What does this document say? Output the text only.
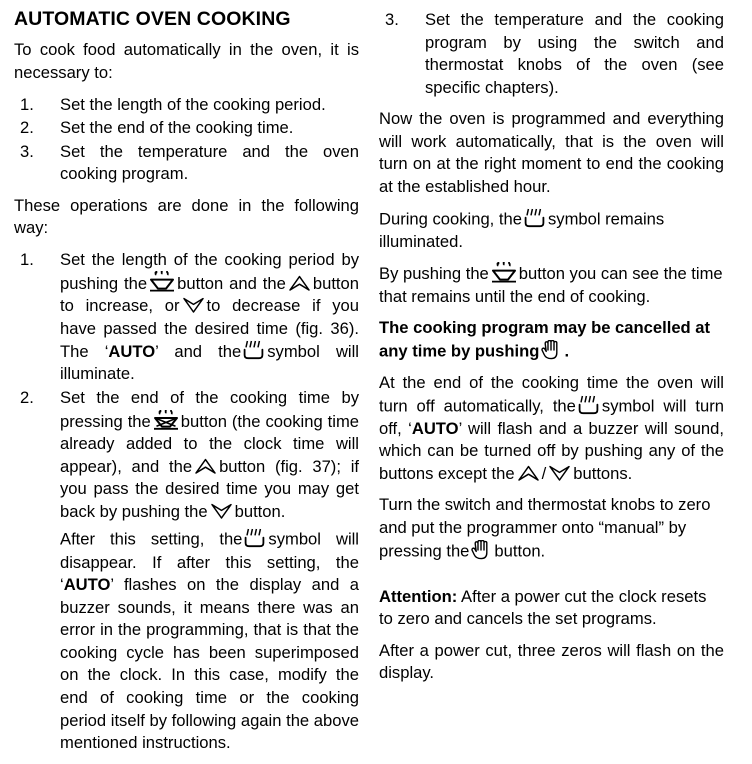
AUTOMATIC OVEN COOKING

To cook food automatically in the oven, it is necessary to:

1.	Set the length of the cooking period.
2.	Set the end of the cooking time.
3.	Set the temperature and the oven cooking program.

These operations are done in the following way:

1.	Set the length of the cooking period by pushing the button and the button to increase, or to decrease if you have passed the desired time (fig. 36). The ‘AUTO’ and the symbol will illuminate.
2.	Set the end of the cooking time by pressing the button (the cooking time already added to the clock time will appear), and the button (fig. 37); if you pass the desired time you may get back by pushing the button.

After this setting, the symbol will disappear. If after this setting, the ‘AUTO’ flashes on the display and a buzzer sounds, it means there was an error in the programming, that is that the cooking cycle has been superimposed on the clock. In this case, modify the end of cooking time or the cooking period itself by following again the above mentioned instructions.

3.	Set the temperature and the cooking program by using the switch and thermostat knobs of the oven (see specific chapters).

Now the oven is programmed and everything will work automatically, that is the oven will turn on at the right moment to end the cooking at the established hour.

During cooking, the symbol remains illuminated.

By pushing the button you can see the time that remains until the end of cooking.

The cooking program may be cancelled at any time by pushing .

At the end of the cooking time the oven will turn off automatically, the symbol will turn off, ‘AUTO’ will flash and a buzzer will sound, which can be turned off by pushing any of the buttons except the / buttons.

Turn the switch and thermostat knobs to zero and put the programmer onto “manual” by pressing the button.

Attention: After a power cut the clock resets to zero and cancels the set programs.

After a power cut, three zeros will flash on the display.
